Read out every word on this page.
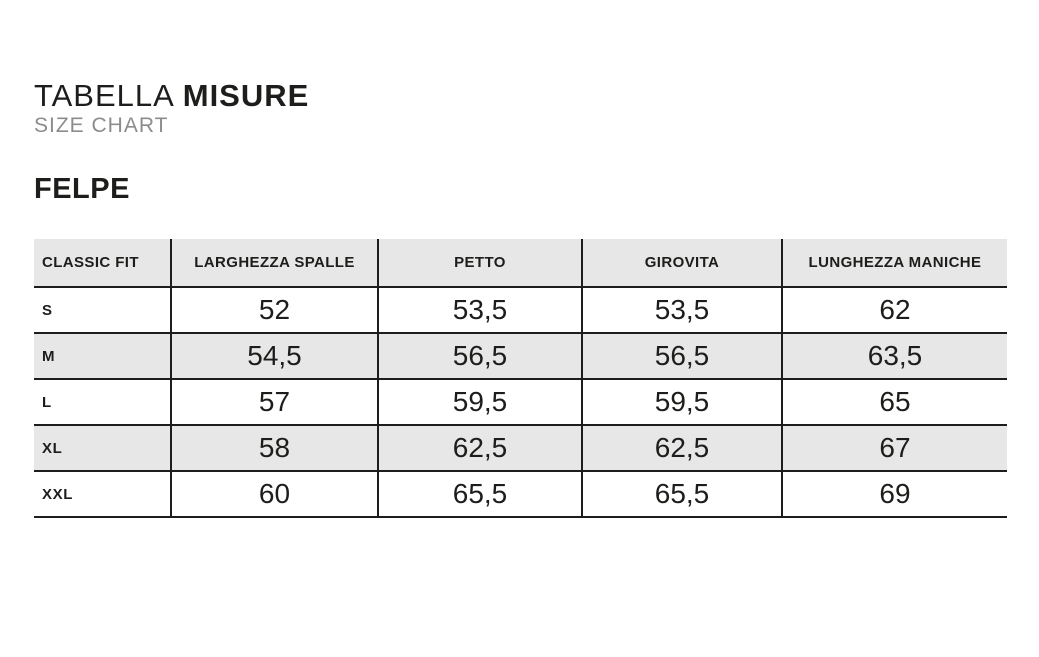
TABELLA MISURE
SIZE CHART
FELPE
CLASSIC FIT	LARGHEZZA SPALLE	PETTO	GIROVITA	LUNGHEZZA MANICHE
S	52	53,5	53,5	62
M	54,5	56,5	56,5	63,5
L	57	59,5	59,5	65
XL	58	62,5	62,5	67
XXL	60	65,5	65,5	69
